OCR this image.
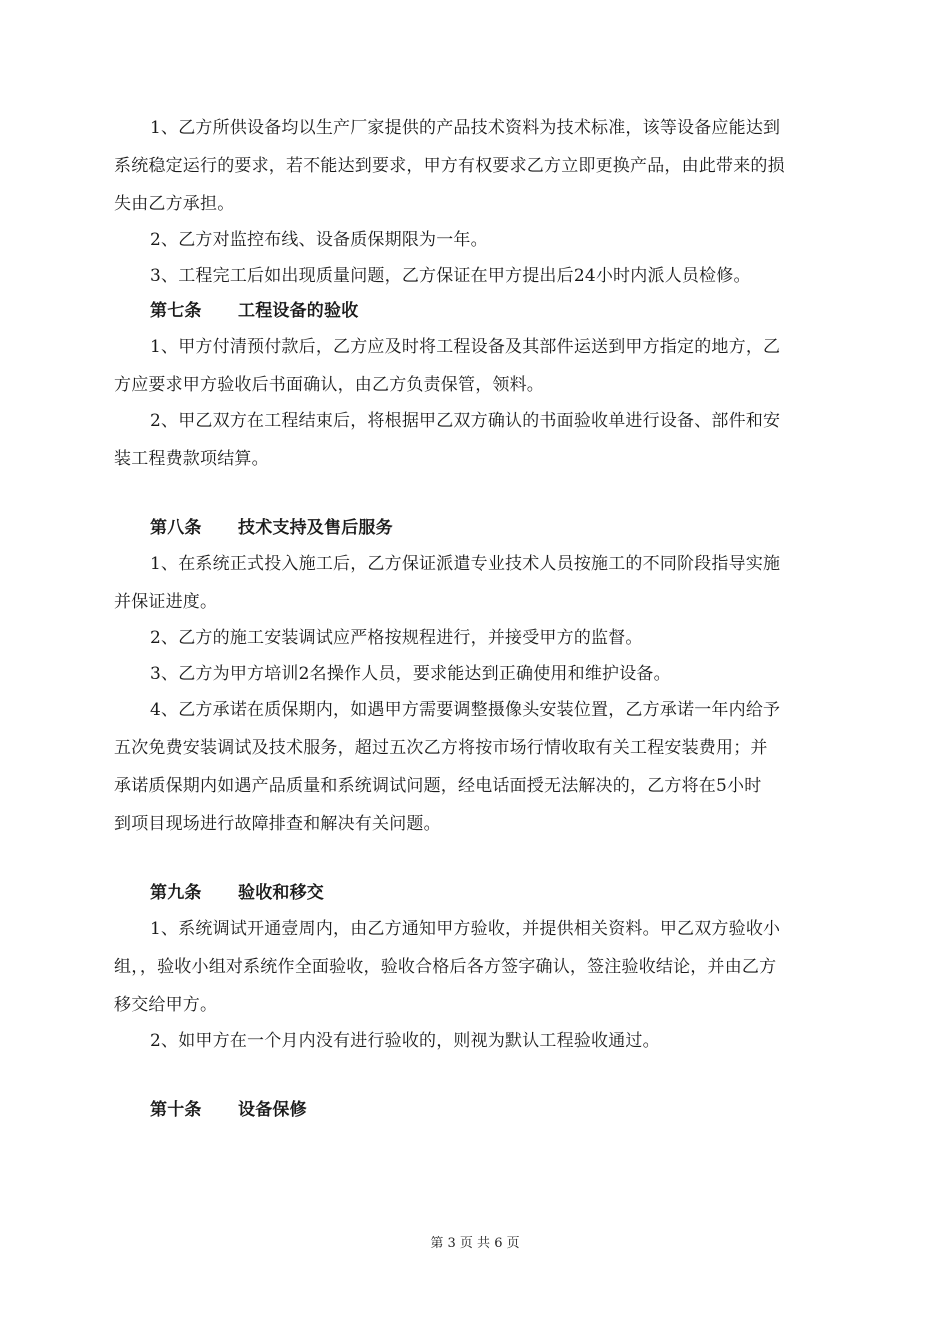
1、乙方所供设备均以生产厂家提供的产品技术资料为技术标准，该等设备应能达到
系统稳定运行的要求，若不能达到要求，甲方有权要求乙方立即更换产品，由此带来的损
失由乙方承担。
2、乙方对监控布线、设备质保期限为一年。
3、工程完工后如出现质量问题，乙方保证在甲方提出后24小时内派人员检修。
第七条 工程设备的验收
1、甲方付清预付款后，乙方应及时将工程设备及其部件运送到甲方指定的地方，乙
方应要求甲方验收后书面确认，由乙方负责保管，领料。
2、甲乙双方在工程结束后，将根据甲乙双方确认的书面验收单进行设备、部件和安
装工程费款项结算。
第八条 技术支持及售后服务
1、在系统正式投入施工后，乙方保证派遣专业技术人员按施工的不同阶段指导实施
并保证进度。
2、乙方的施工安装调试应严格按规程进行，并接受甲方的监督。
3、乙方为甲方培训2名操作人员，要求能达到正确使用和维护设备。
4、乙方承诺在质保期内，如遇甲方需要调整摄像头安装位置，乙方承诺一年内给予
五次免费安装调试及技术服务，超过五次乙方将按市场行情收取有关工程安装费用；并
承诺质保期内如遇产品质量和系统调试问题，经电话面授无法解决的，乙方将在5小时
到项目现场进行故障排查和解决有关问题。
第九条 验收和移交
1、系统调试开通壹周内，由乙方通知甲方验收，并提供相关资料。甲乙双方验收小
组，，验收小组对系统作全面验收，验收合格后各方签字确认，签注验收结论，并由乙方
移交给甲方。
2、如甲方在一个月内没有进行验收的，则视为默认工程验收通过。
第十条 设备保修
第 3 页 共 6 页
